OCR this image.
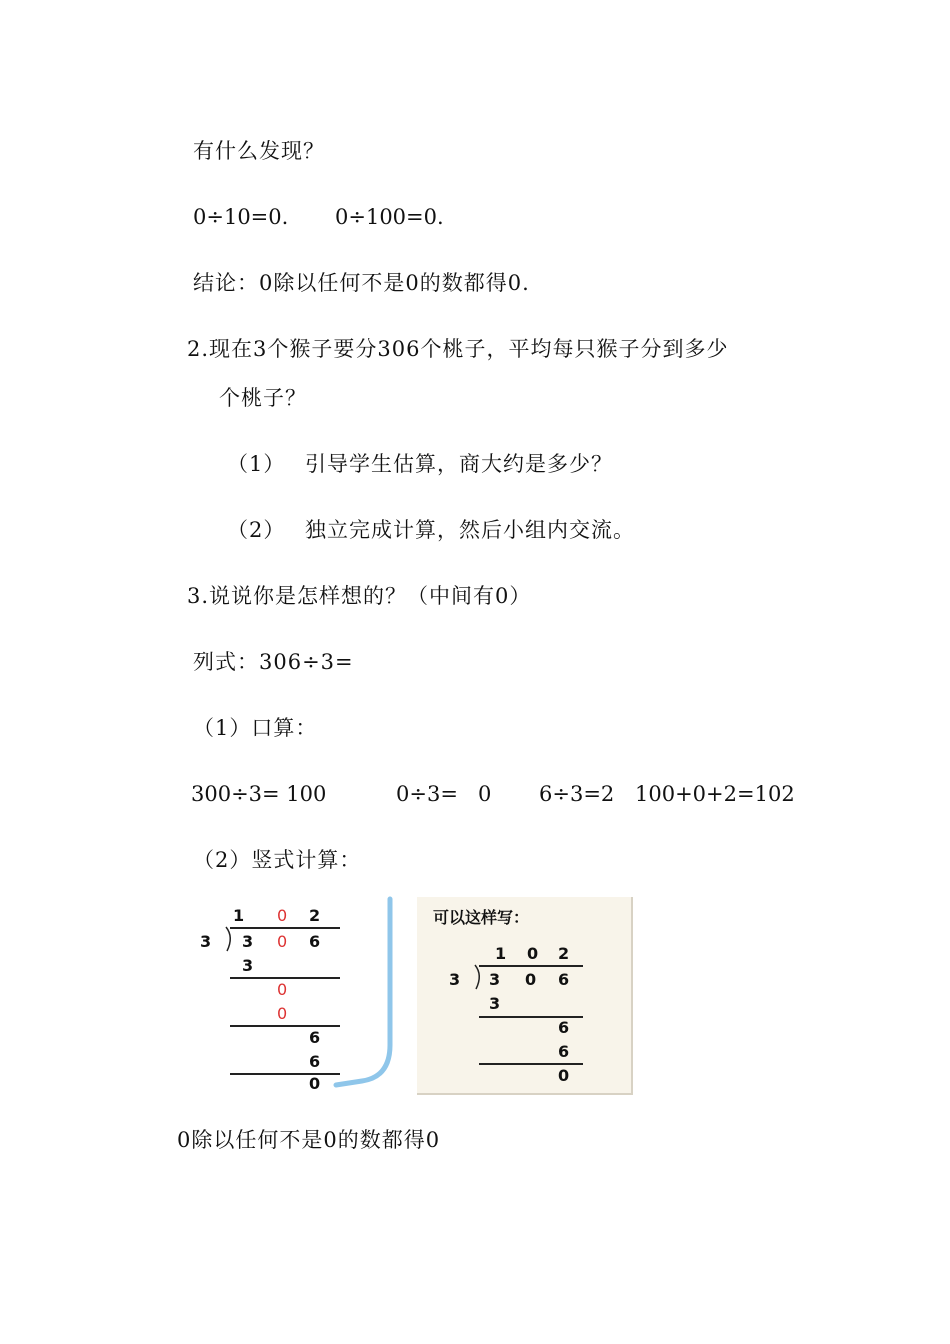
有什么发现？
0÷10=0. 0÷100=0.
结论：0除以任何不是0的数都得0.
2.现在3个猴子要分306个桃子，平均每只猴子分到多少
个桃子？
（1） 引导学生估算，商大约是多少？
（2） 独立完成计算，然后小组内交流。
3.说说你是怎样想的？（中间有0）
列式：306÷3=
（1）口算：
300÷3= 100	0÷3=   0 6÷3=2 100+0+2=102
（2）竖式计算：
1 0 2
3 3 0 6
3
0
0
6
6
0
可以这样写：
1 0 2
3 3 0 6
3
6
6
0
0除以任何不是0的数都得0
